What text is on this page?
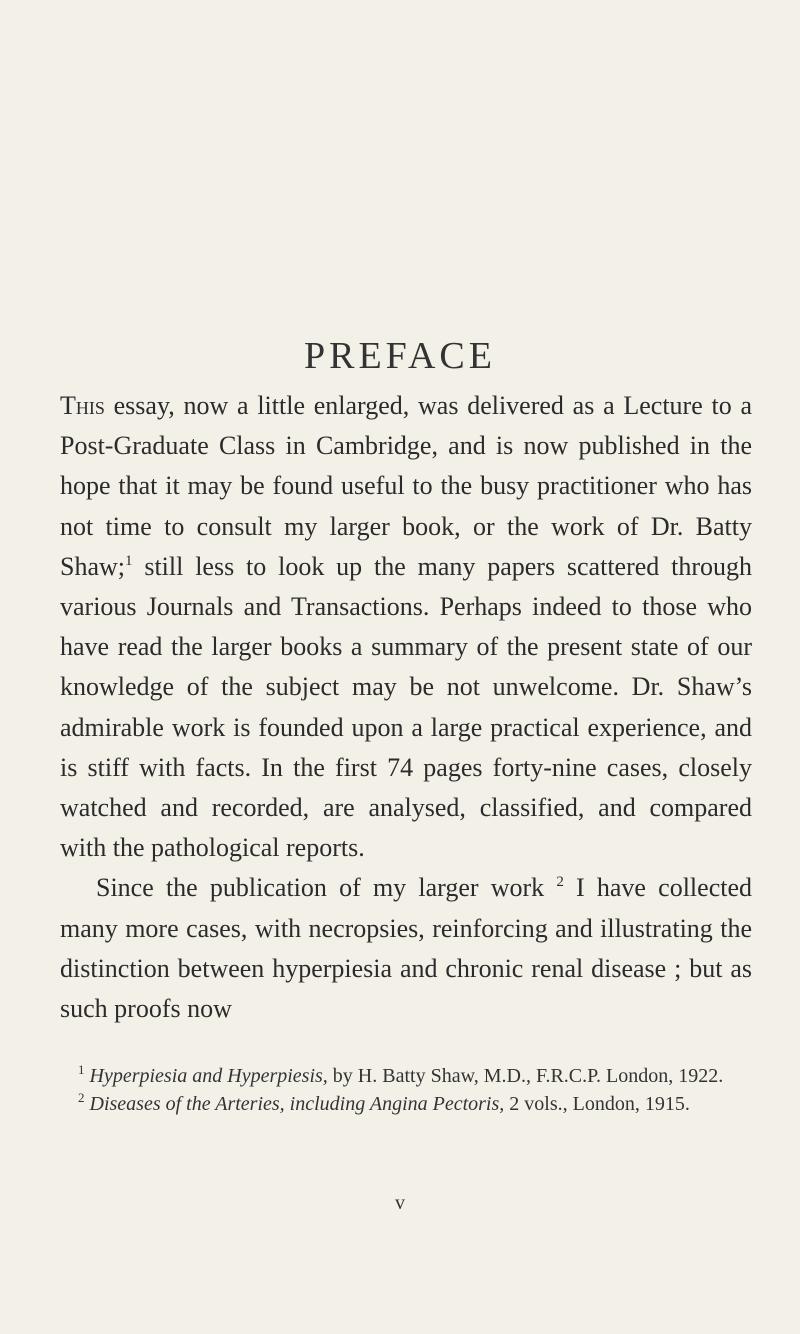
PREFACE

This essay, now a little enlarged, was delivered as a Lecture to a Post-Graduate Class in Cambridge, and is now published in the hope that it may be found useful to the busy practitioner who has not time to consult my larger book, or the work of Dr. Batty Shaw;$^1$ still less to look up the many papers scattered through various Journals and Transactions. Perhaps indeed to those who have read the larger books a summary of the present state of our knowledge of the subject may be not unwelcome. Dr. Shaw’s admirable work is founded upon a large practical experience, and is stiff with facts. In the first 74 pages forty-nine cases, closely watched and recorded, are analysed, classified, and compared with the pathological reports.

Since the publication of my larger work $^2$ I have collected many more cases, with necropsies, reinforcing and illustrating the distinction between hyperpiesia and chronic renal disease ; but as such proofs now

$^1$ Hyperpiesia and Hyperpiesis, by H. Batty Shaw, M.D., F.R.C.P. London, 1922.

$^2$ Diseases of the Arteries, including Angina Pectoris, 2 vols., London, 1915.

v
